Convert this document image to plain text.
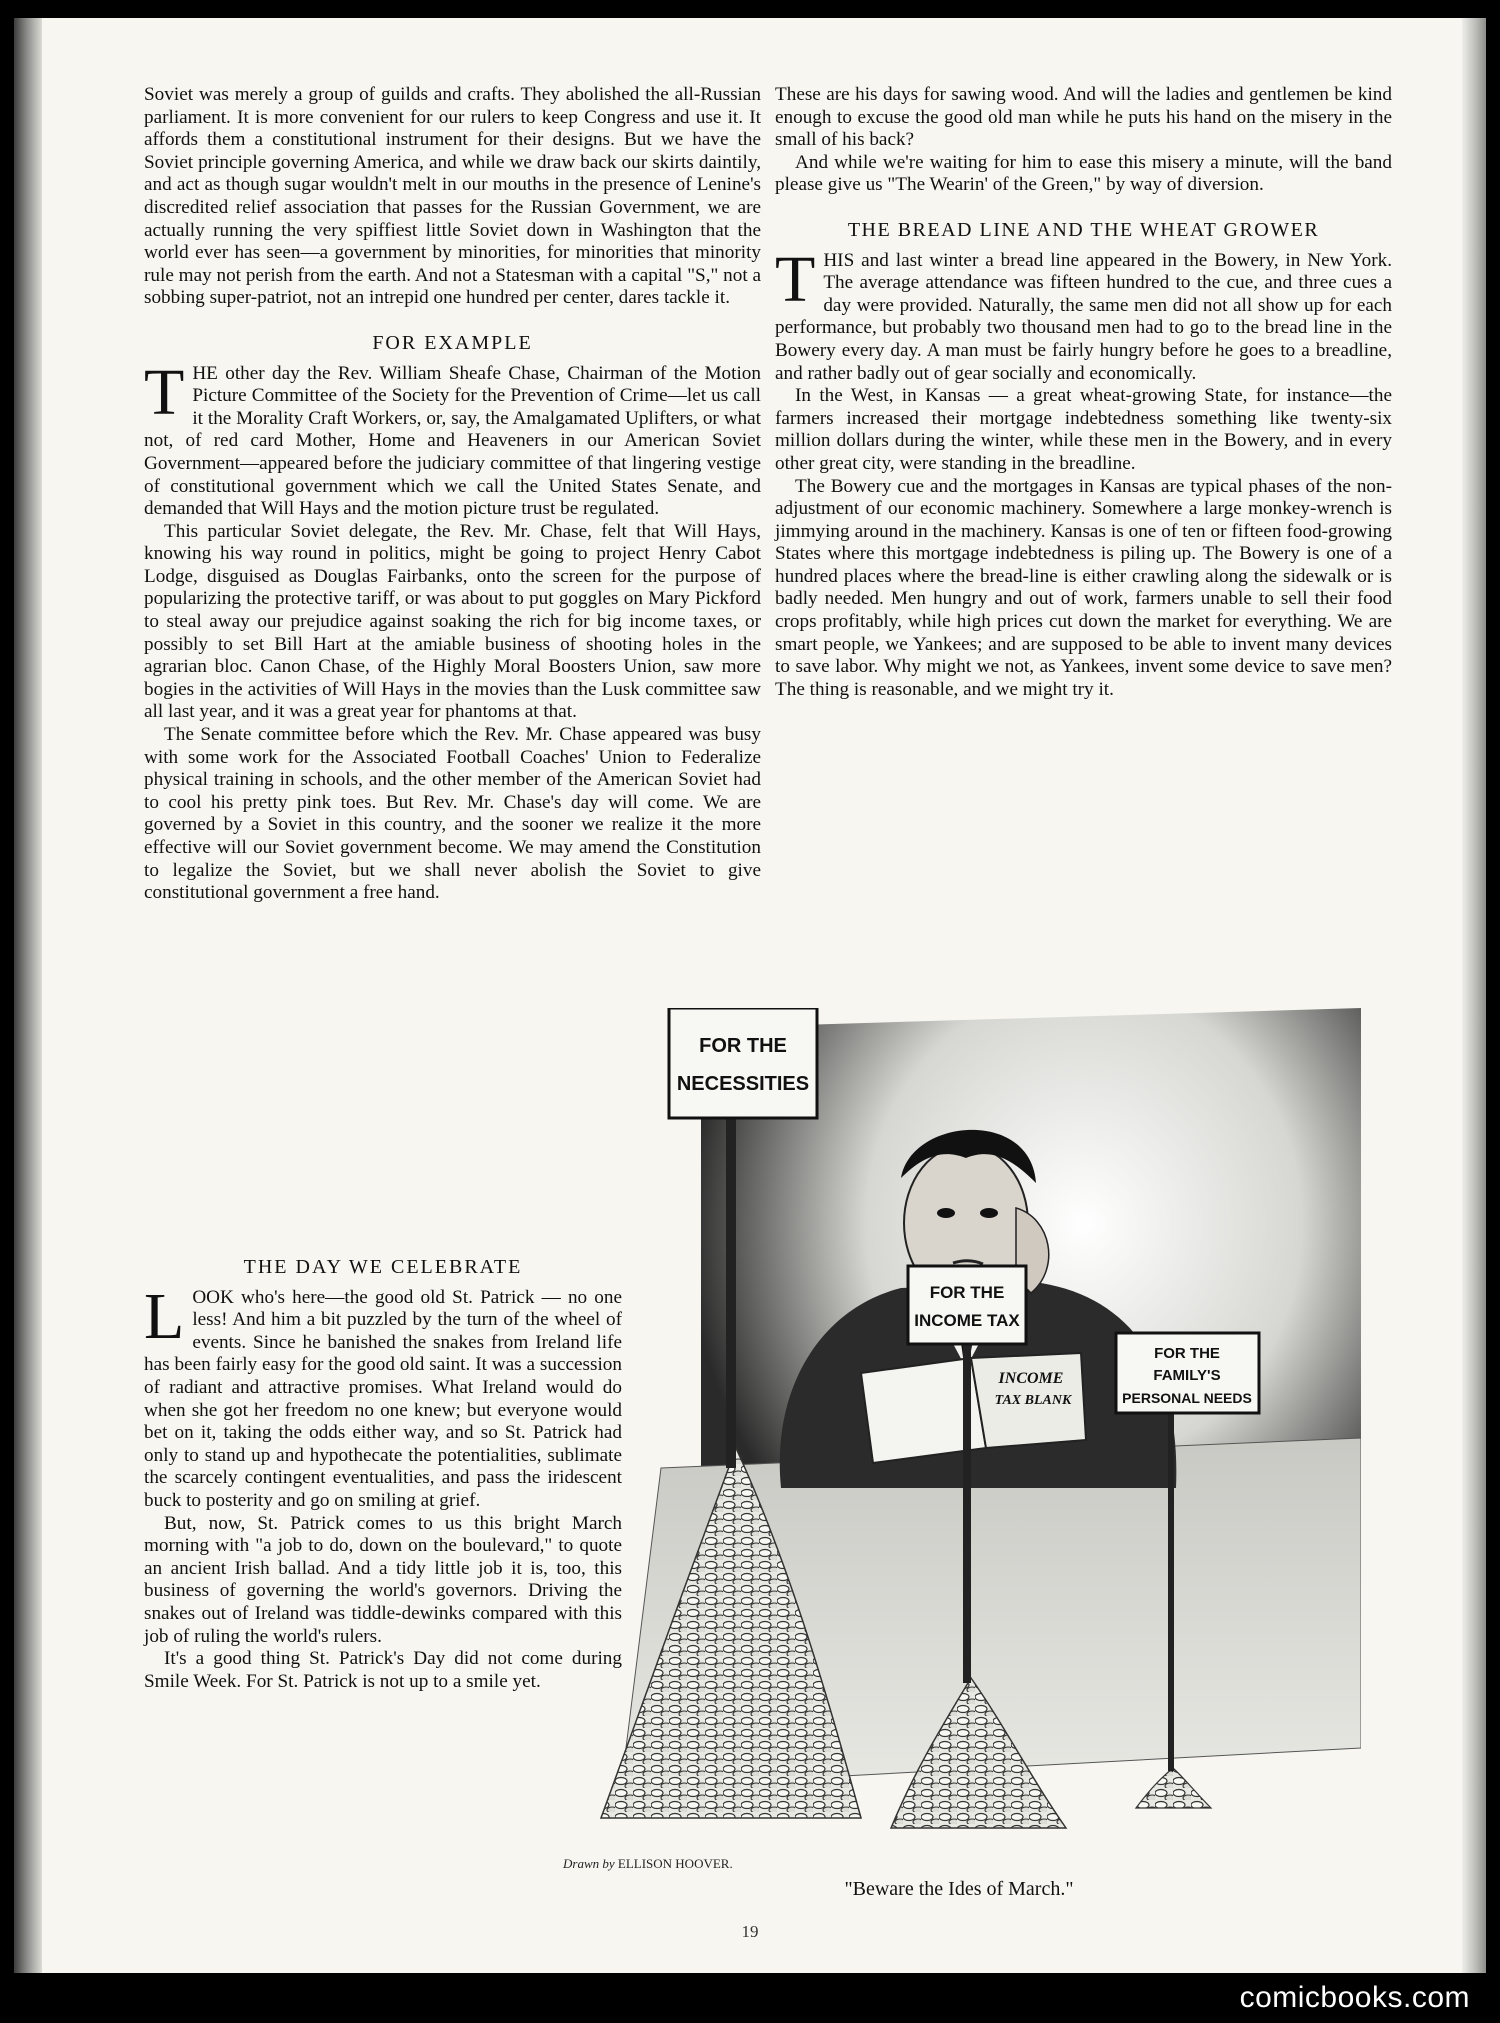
Soviet was merely a group of guilds and crafts. They abolished the all-Russian parliament. It is more convenient for our rulers to keep Congress and use it. It affords them a constitutional instrument for their designs. But we have the Soviet principle governing America, and while we draw back our skirts daintily, and act as though sugar wouldn't melt in our mouths in the presence of Lenine's discredited relief association that passes for the Russian Government, we are actually running the very spiffiest little Soviet down in Washington that the world ever has seen—a government by minorities, for minorities that minority rule may not perish from the earth. And not a Statesman with a capital "S," not a sobbing super-patriot, not an intrepid one hundred per center, dares tackle it.

FOR EXAMPLE

THE other day the Rev. William Sheafe Chase, Chairman of the Motion Picture Committee of the Society for the Prevention of Crime—let us call it the Morality Craft Workers, or, say, the Amalgamated Uplifters, or what not, of red card Mother, Home and Heaveners in our American Soviet Government—appeared before the judiciary committee of that lingering vestige of constitutional government which we call the United States Senate, and demanded that Will Hays and the motion picture trust be regulated.

This particular Soviet delegate, the Rev. Mr. Chase, felt that Will Hays, knowing his way round in politics, might be going to project Henry Cabot Lodge, disguised as Douglas Fairbanks, onto the screen for the purpose of popularizing the protective tariff, or was about to put goggles on Mary Pickford to steal away our prejudice against soaking the rich for big income taxes, or possibly to set Bill Hart at the amiable business of shooting holes in the agrarian bloc. Canon Chase, of the Highly Moral Boosters Union, saw more bogies in the activities of Will Hays in the movies than the Lusk committee saw all last year, and it was a great year for phantoms at that.

The Senate committee before which the Rev. Mr. Chase appeared was busy with some work for the Associated Football Coaches' Union to Federalize physical training in schools, and the other member of the American Soviet had to cool his pretty pink toes. But Rev. Mr. Chase's day will come. We are governed by a Soviet in this country, and the sooner we realize it the more effective will our Soviet government become. We may amend the Constitution to legalize the Soviet, but we shall never abolish the Soviet to give constitutional government a free hand.

THE DAY WE CELEBRATE

LOOK who's here—the good old St. Patrick — no one less! And him a bit puzzled by the turn of the wheel of events. Since he banished the snakes from Ireland life has been fairly easy for the good old saint. It was a succession of radiant and attractive promises. What Ireland would do when she got her freedom no one knew; but everyone would bet on it, taking the odds either way, and so St. Patrick had only to stand up and hypothecate the potentialities, sublimate the scarcely contingent eventualities, and pass the iridescent buck to posterity and go on smiling at grief.

But, now, St. Patrick comes to us this bright March morning with "a job to do, down on the boulevard," to quote an ancient Irish ballad. And a tidy little job it is, too, this business of governing the world's governors. Driving the snakes out of Ireland was tiddle-dewinks compared with this job of ruling the world's rulers.

It's a good thing St. Patrick's Day did not come during Smile Week. For St. Patrick is not up to a smile yet.

These are his days for sawing wood. And will the ladies and gentlemen be kind enough to excuse the good old man while he puts his hand on the misery in the small of his back?

And while we're waiting for him to ease this misery a minute, will the band please give us "The Wearin' of the Green," by way of diversion.

THE BREAD LINE AND THE WHEAT GROWER

THIS and last winter a bread line appeared in the Bowery, in New York. The average attendance was fifteen hundred to the cue, and three cues a day were provided. Naturally, the same men did not all show up for each performance, but probably two thousand men had to go to the bread line in the Bowery every day. A man must be fairly hungry before he goes to a breadline, and rather badly out of gear socially and economically.

In the West, in Kansas — a great wheat-growing State, for instance—the farmers increased their mortgage indebtedness something like twenty-six million dollars during the winter, while these men in the Bowery, and in every other great city, were standing in the breadline.

The Bowery cue and the mortgages in Kansas are typical phases of the non-adjustment of our economic machinery. Somewhere a large monkey-wrench is jimmying around in the machinery. Kansas is one of ten or fifteen food-growing States where this mortgage indebtedness is piling up. The Bowery is one of a hundred places where the bread-line is either crawling along the sidewalk or is badly needed. Men hungry and out of work, farmers unable to sell their food crops profitably, while high prices cut down the market for everything. We are smart people, we Yankees; and are supposed to be able to invent many devices to save labor. Why might we not, as Yankees, invent some device to save men? The thing is reasonable, and we might try it.

INCOME
TAX BLANK
FOR THE
NECESSITIES
FOR THE
INCOME TAX
FOR THE
FAMILY'S
PERSONAL NEEDS
Drawn by ELLISON HOOVER.
"Beware the Ides of March."
19
comicbooks.com
